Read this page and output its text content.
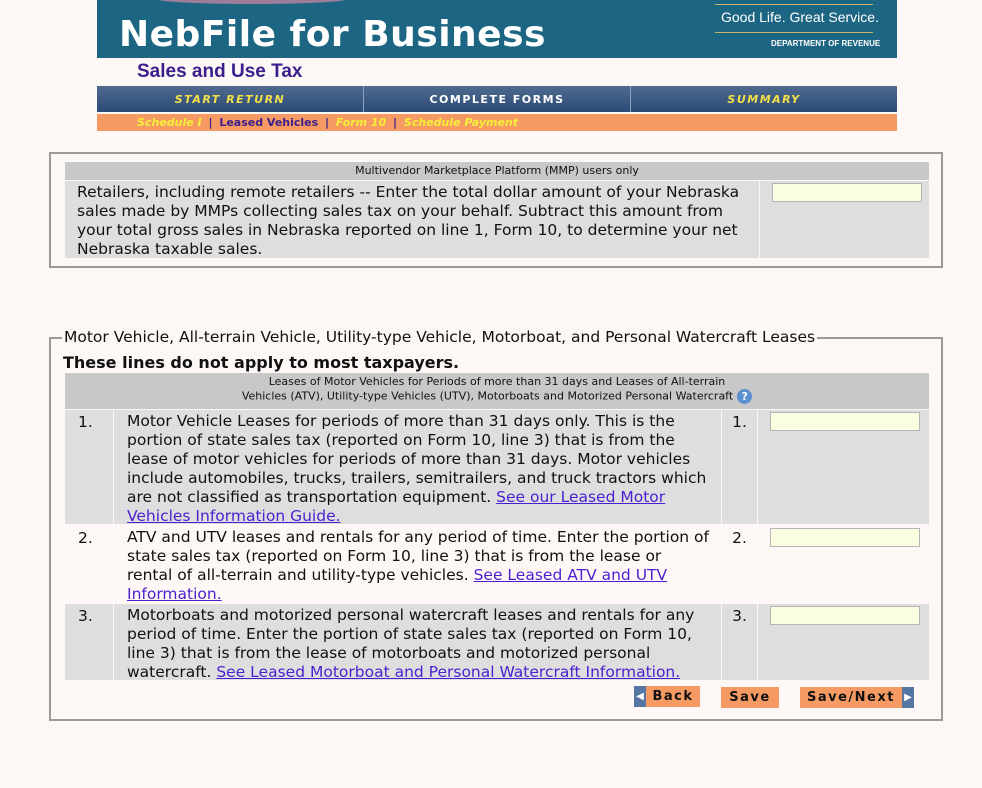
NebFile for Business	Good Life. Great Service.
DEPARTMENT OF REVENUE
Sales and Use Tax
START RETURN	COMPLETE FORMS	SUMMARY
Schedule I | Leased Vehicles | Form 10 | Schedule Payment
Multivendor Marketplace Platform (MMP) users only
Retailers, including remote retailers -- Enter the total dollar amount of your Nebraska sales made by MMPs collecting sales tax on your behalf. Subtract this amount from your total gross sales in Nebraska reported on line 1, Form 10, to determine your net Nebraska taxable sales.
Motor Vehicle, All-terrain Vehicle, Utility-type Vehicle, Motorboat, and Personal Watercraft Leases
These lines do not apply to most taxpayers.
Leases of Motor Vehicles for Periods of more than 31 days and Leases of All-terrain
Vehicles (ATV), Utility-type Vehicles (UTV), Motorboats and Motorized Personal Watercraft ?
1.	Motor Vehicle Leases for periods of more than 31 days only. This is the portion of state sales tax (reported on Form 10, line 3) that is from the lease of motor vehicles for periods of more than 31 days. Motor vehicles include automobiles, trucks, trailers, semitrailers, and truck tractors which are not classified as transportation equipment. See our Leased Motor Vehicles Information Guide.
1.
2.	ATV and UTV leases and rentals for any period of time. Enter the portion of state sales tax (reported on Form 10, line 3) that is from the lease or rental of all-terrain and utility-type vehicles. See Leased ATV and UTV Information.
2.
3.	Motorboats and motorized personal watercraft leases and rentals for any period of time. Enter the portion of state sales tax (reported on Form 10, line 3) that is from the lease of motorboats and motorized personal watercraft. See Leased Motorboat and Personal Watercraft Information.
3.
◀ Back	Save	Save/Next ▶
